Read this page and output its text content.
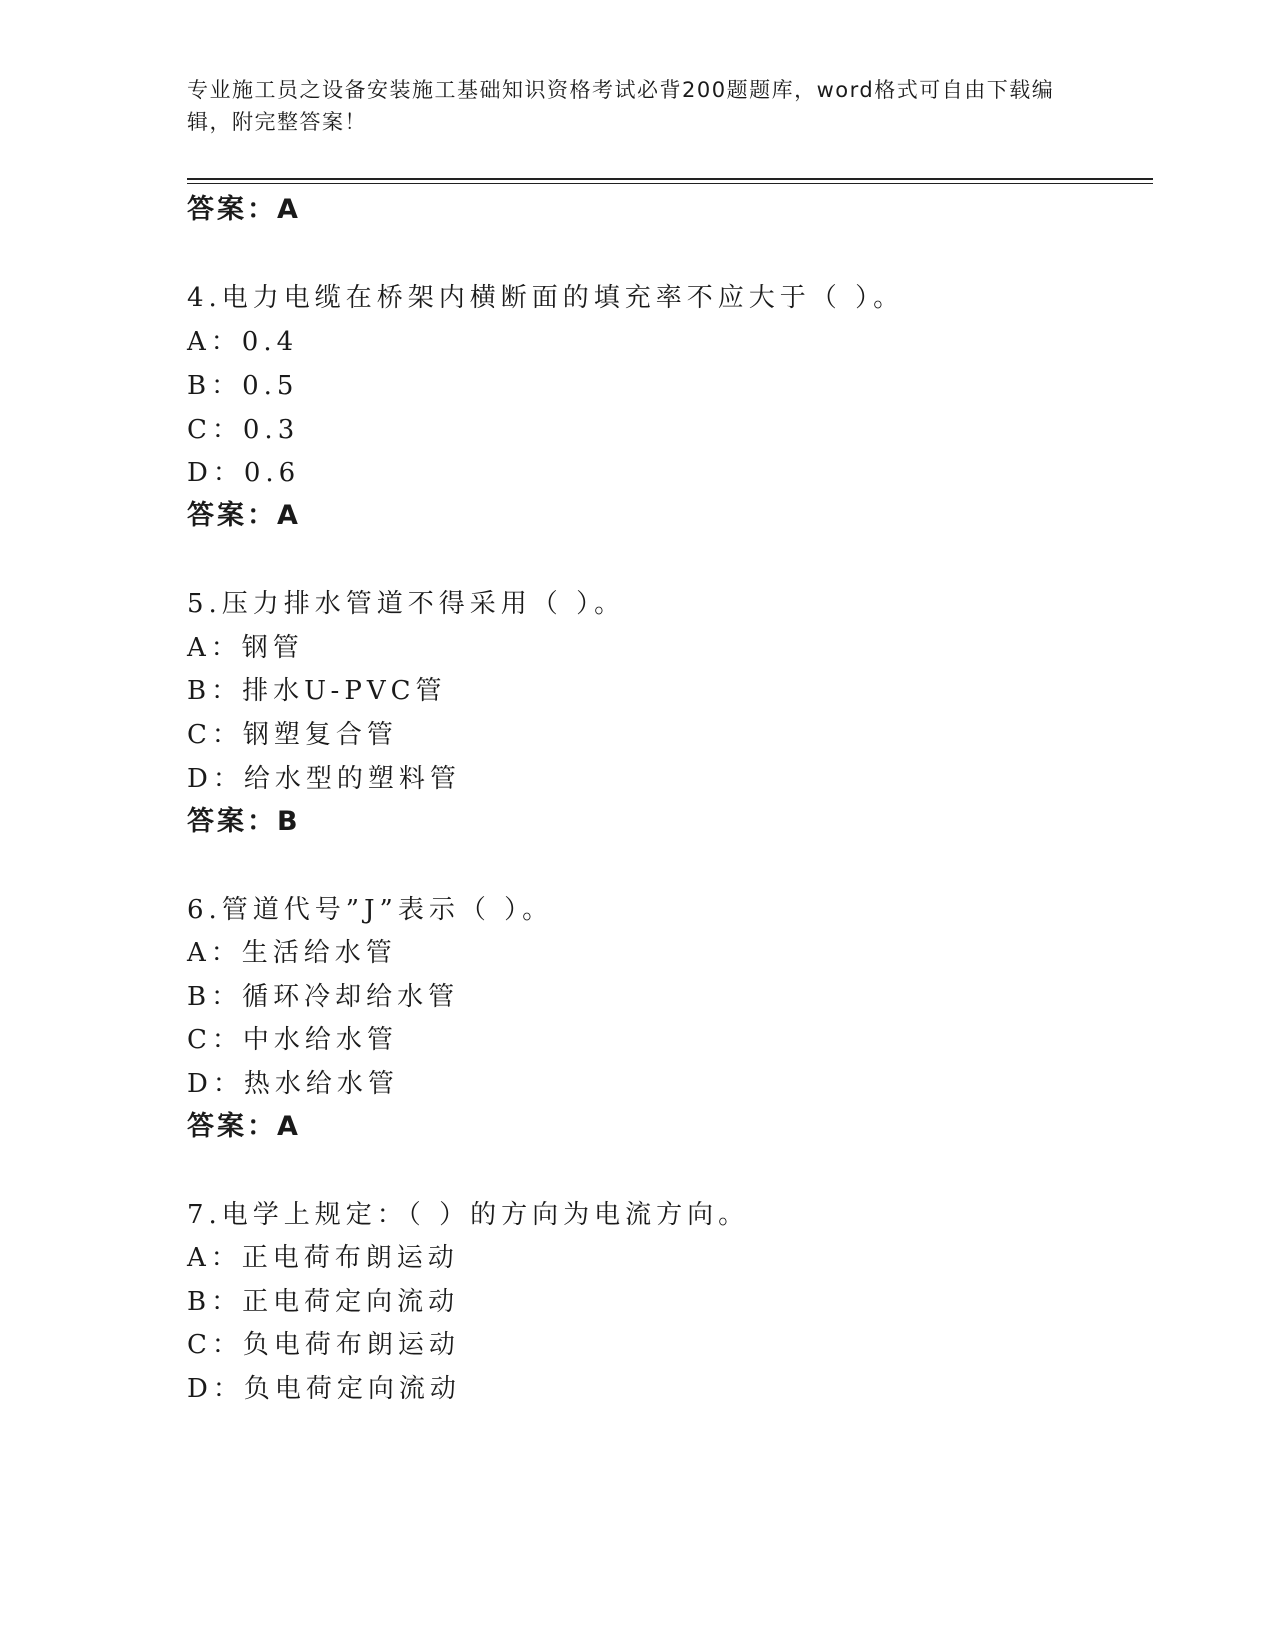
专业施工员之设备安装施工基础知识资格考试必背200题题库，word格式可自由下载编辑，附完整答案！
答案：A
4.电力电缆在桥架内横断面的填充率不应大于（ ）。
A：0.4
B：0.5
C：0.3
D：0.6
答案：A
5.压力排水管道不得采用（ ）。
A：钢管
B：排水U-PVC管
C：钢塑复合管
D：给水型的塑料管
答案：B
6.管道代号”J”表示（ ）。
A：生活给水管
B：循环冷却给水管
C：中水给水管
D：热水给水管
答案：A
7.电学上规定：（ ）的方向为电流方向。
A：正电荷布朗运动
B：正电荷定向流动
C：负电荷布朗运动
D：负电荷定向流动
